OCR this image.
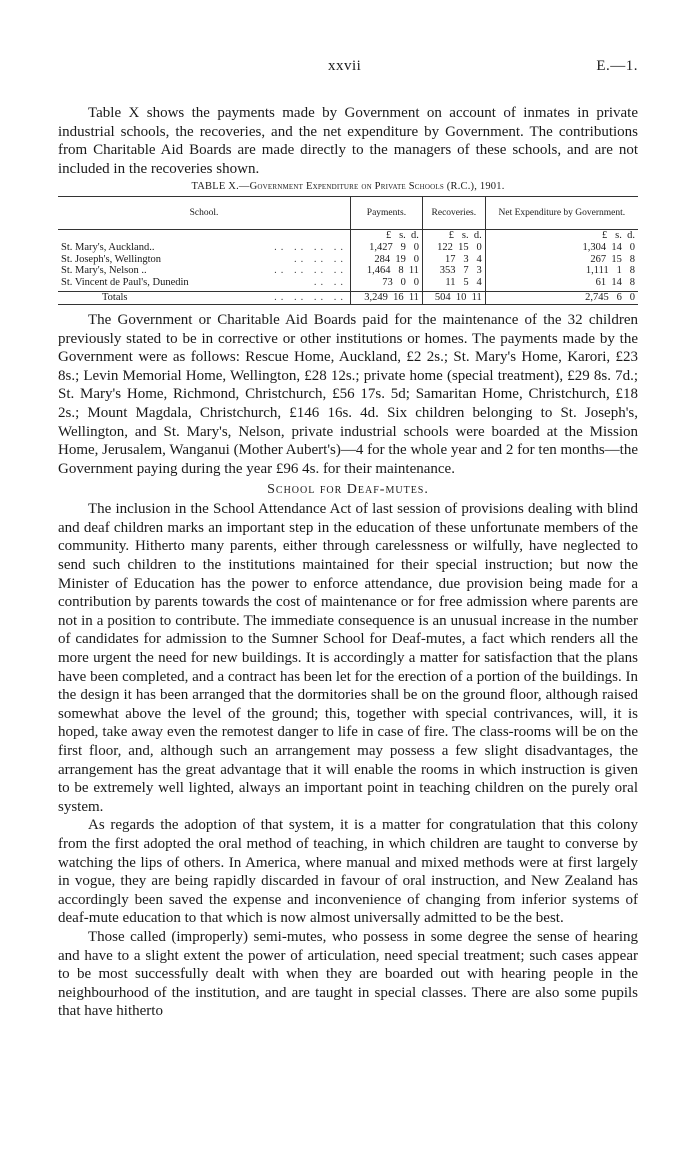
xxvii	E.—1.

Table X shows the payments made by Government on account of inmates in private industrial schools, the recoveries, and the net expenditure by Government. The contributions from Charitable Aid Boards are made directly to the managers of these schools, and are not included in the recoveries shown.

TABLE X.—Government Expenditure on Private Schools (R.C.), 1901.
School.	Payments.	Recoveries.	Net Expenditure by Government.
	£   s.  d.	£   s.  d.	£   s.  d.

St. Mary's, Auckland.. .. .. .. ..	1,427   9   0	122  15   0	1,304  14   0

St. Joseph's, Wellington .. .. ..	284  19   0	17   3   4	267  15   8

St. Mary's, Nelson .. .. .. .. ..	1,464   8  11	353   7   3	1,111   1   8

St. Vincent de Paul's, Dunedin .. ..	73   0   0	11   5   4	61  14   8

Totals .. .. .. ..	3,249  16  11	504  10  11	2,745   6   0

The Government or Charitable Aid Boards paid for the maintenance of the 32 children previously stated to be in corrective or other institutions or homes. The payments made by the Government were as follows: Rescue Home, Auckland, £2 2s.; St. Mary's Home, Karori, £23 8s.; Levin Memorial Home, Wellington, £28 12s.; private home (special treatment), £29 8s. 7d.; St. Mary's Home, Richmond, Christchurch, £56 17s. 5d; Samaritan Home, Christchurch, £18 2s.; Mount Magdala, Christchurch, £146 16s. 4d. Six children belonging to St. Joseph's, Wellington, and St. Mary's, Nelson, private industrial schools were boarded at the Mission Home, Jerusalem, Wanganui (Mother Aubert's)—4 for the whole year and 2 for ten months—the Government paying during the year £96 4s. for their maintenance.

School for Deaf-mutes.

The inclusion in the School Attendance Act of last session of provisions dealing with blind and deaf children marks an important step in the education of these unfortunate members of the community. Hitherto many parents, either through carelessness or wilfully, have neglected to send such children to the institutions maintained for their special instruction; but now the Minister of Education has the power to enforce attendance, due provision being made for a contribution by parents towards the cost of maintenance or for free admission where parents are not in a position to contribute. The immediate consequence is an unusual increase in the number of candidates for admission to the Sumner School for Deaf-mutes, a fact which renders all the more urgent the need for new buildings. It is accordingly a matter for satisfaction that the plans have been completed, and a contract has been let for the erection of a portion of the buildings. In the design it has been arranged that the dormitories shall be on the ground floor, although raised somewhat above the level of the ground; this, together with special contrivances, will, it is hoped, take away even the remotest danger to life in case of fire. The class-rooms will be on the first floor, and, although such an arrangement may possess a few slight disadvantages, the arrangement has the great advantage that it will enable the rooms in which instruction is given to be extremely well lighted, always an important point in teaching children on the purely oral system.

As regards the adoption of that system, it is a matter for congratulation that this colony from the first adopted the oral method of teaching, in which children are taught to converse by watching the lips of others. In America, where manual and mixed methods were at first largely in vogue, they are being rapidly discarded in favour of oral instruction, and New Zealand has accordingly been saved the expense and inconvenience of changing from inferior systems of deaf-mute education to that which is now almost universally admitted to be the best.

Those called (improperly) semi-mutes, who possess in some degree the sense of hearing and have to a slight extent the power of articulation, need special treatment; such cases appear to be most successfully dealt with when they are boarded out with hearing people in the neighbourhood of the institution, and are taught in special classes. There are also some pupils that have hitherto
